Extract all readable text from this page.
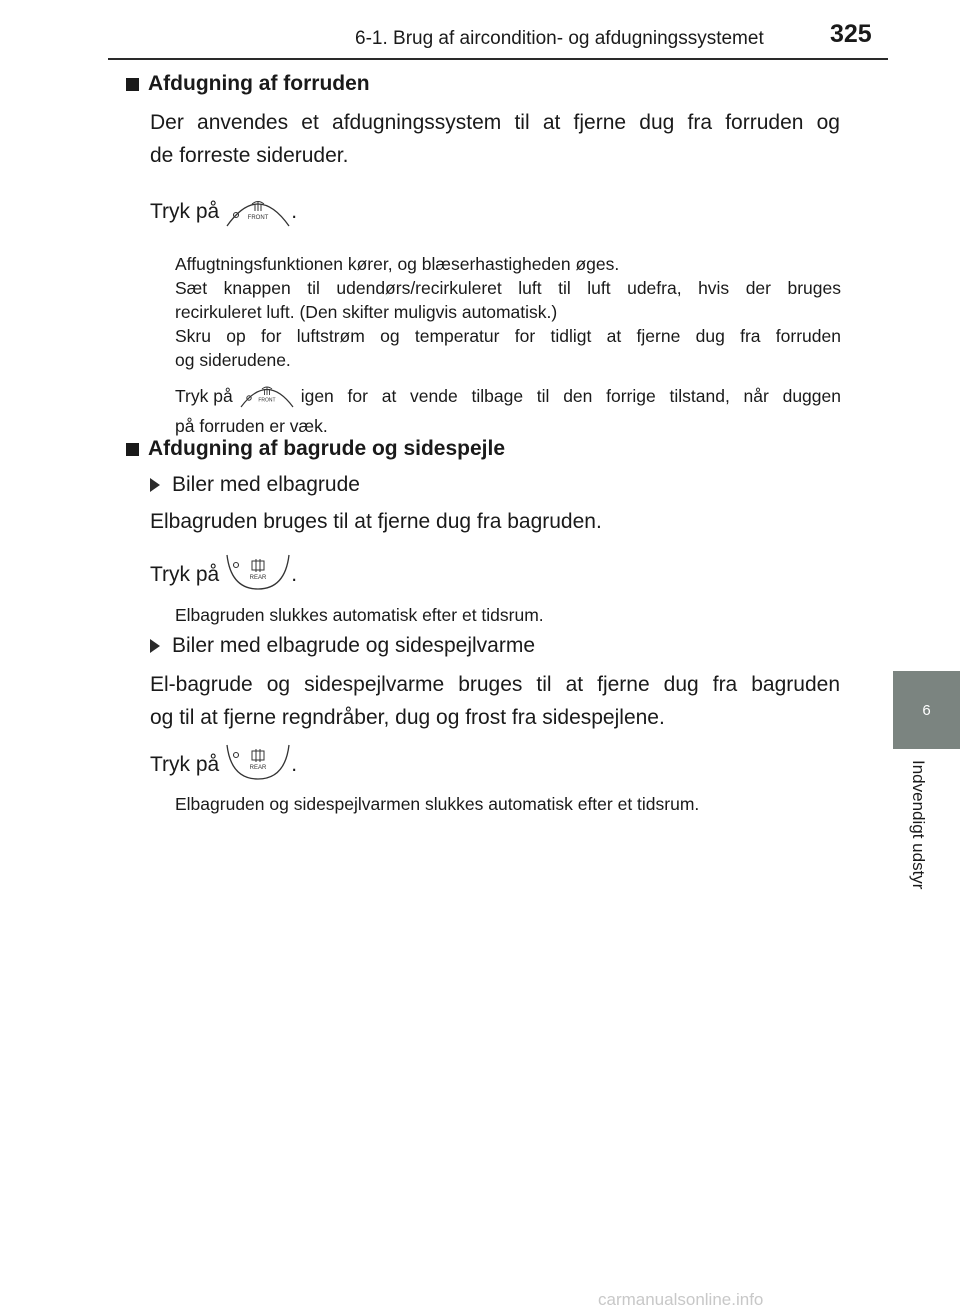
6-1. Brug af aircondition- og afdugningssystemet	325
6
Indvendigt udstyr
Afdugning af forruden
Der anvendes et afdugningssystem til at fjerne dug fra forruden og
de forreste sideruder.
Tryk på	FRONT .
Affugtningsfunktionen kører, og blæserhastigheden øges.
Sæt knappen til udendørs/recirkuleret luft til luft udefra, hvis der bruges
recirkuleret luft. (Den skifter muligvis automatisk.)
Skru op for luftstrøm og temperatur for tidligt at fjerne dug fra forruden
og siderudene.
Tryk på	FRONT igen for at vende tilbage til den forrige tilstand, når duggen
på forruden er væk.
Afdugning af bagrude og sidespejle
Biler med elbagrude
Elbagruden bruges til at fjerne dug fra bagruden.
Tryk på	REAR .
Elbagruden slukkes automatisk efter et tidsrum.
Biler med elbagrude og sidespejlvarme
El-bagrude og sidespejlvarme bruges til at fjerne dug fra bagruden
og til at fjerne regndråber, dug og frost fra sidespejlene.
Tryk på	REAR .
Elbagruden og sidespejlvarmen slukkes automatisk efter et tidsrum.
carmanualsonline.info
